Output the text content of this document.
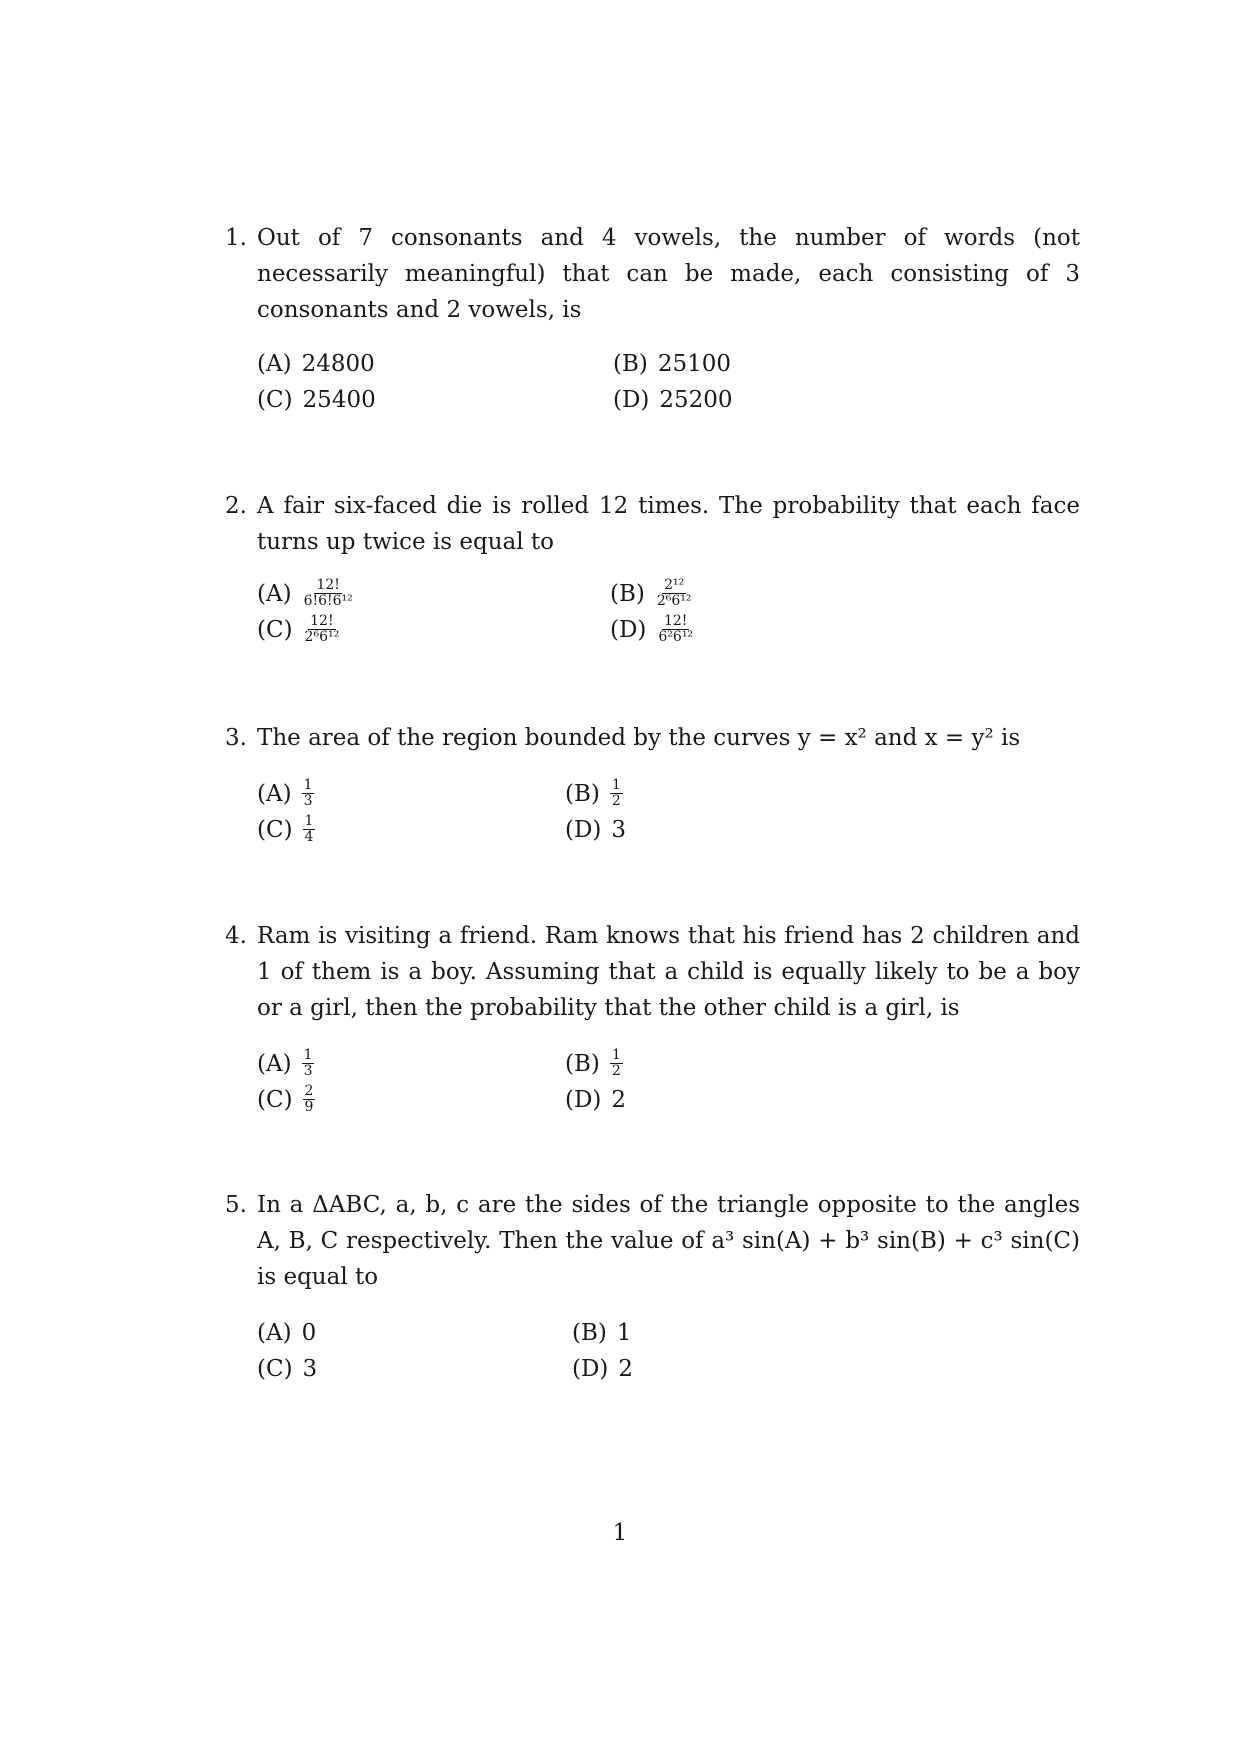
1. Out of 7 consonants and 4 vowels, the number of words (not necessarily meaningful) that can be made, each consisting of 3 consonants and 2 vowels, is
(A) 24800	(B) 25100
(C) 25400	(D) 25200
2. A fair six-faced die is rolled 12 times. The probability that each face turns up twice is equal to
$(A) \frac{12!}{\text{6!6!6¹²}}$	$(B) \frac{\text{2¹²}}{\text{2⁶6¹²}}$
$(C) \frac{12!}{\text{2⁶6¹²}}$	$(D) \frac{12!}{\text{6²6¹²}}$
3. The area of the region bounded by the curves y = x² and x = y² is
$(A) \frac{1}{3}$	$(B) \frac{1}{2}$
$(C) \frac{1}{4}$	(D) 3
4. Ram is visiting a friend. Ram knows that his friend has 2 children and 1 of them is a boy. Assuming that a child is equally likely to be a boy or a girl, then the probability that the other child is a girl, is
$(A) \frac{1}{3}$	$(B) \frac{1}{2}$
$(C) \frac{2}{9}$	(D) 2
5. In a ΔABC, a, b, c are the sides of the triangle opposite to the angles A, B, C respectively. Then the value of a³ sin(A) + b³ sin(B) + c³ sin(C) is equal to
(A) 0	(B) 1
(C) 3	(D) 2
1
